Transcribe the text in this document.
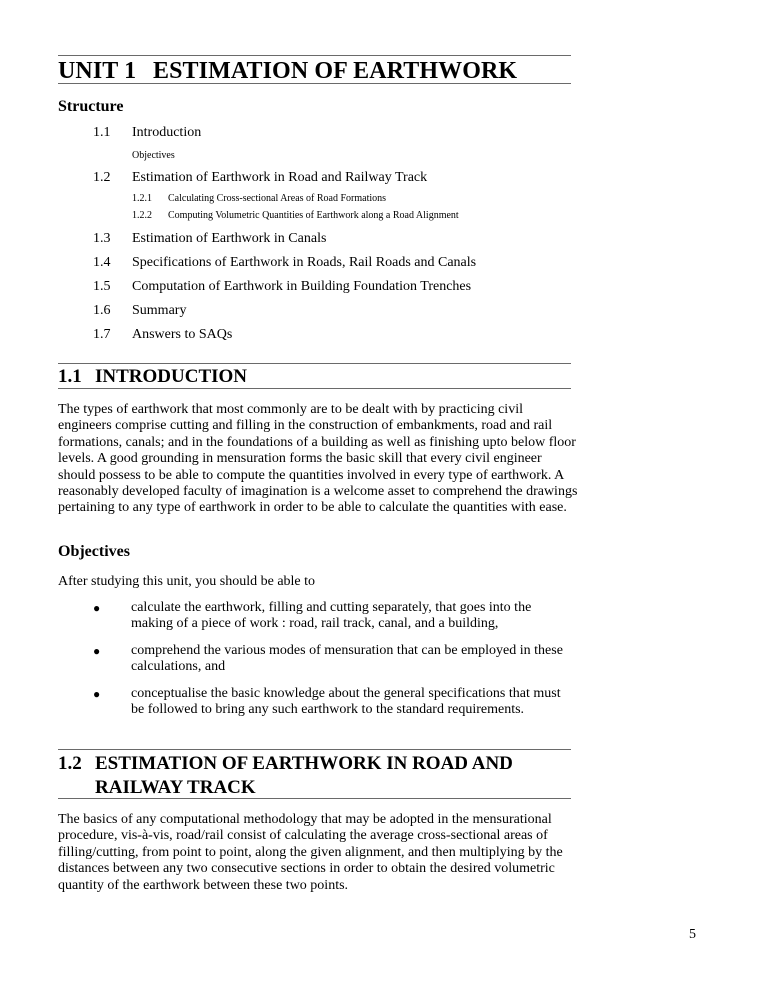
UNIT 1 ESTIMATION OF EARTHWORK
Structure
1.1 Introduction
Objectives
1.2 Estimation of Earthwork in Road and Railway Track
1.2.1 Calculating Cross-sectional Areas of Road Formations
1.2.2 Computing Volumetric Quantities of Earthwork along a Road Alignment
1.3 Estimation of Earthwork in Canals
1.4 Specifications of Earthwork in Roads, Rail Roads and Canals
1.5 Computation of Earthwork in Building Foundation Trenches
1.6 Summary
1.7 Answers to SAQs
1.1 INTRODUCTION

The types of earthwork that most commonly are to be dealt with by practicing civil engineers comprise cutting and filling in the construction of embankments, road and rail formations, canals; and in the foundations of a building as well as finishing upto below floor levels. A good grounding in mensuration forms the basic skill that every civil engineer should possess to be able to compute the quantities involved in every type of earthwork. A reasonably developed faculty of imagination is a welcome asset to comprehend the drawings pertaining to any type of earthwork in order to be able to calculate the quantities with ease.

Objectives
After studying this unit, you should be able to
● calculate the earthwork, filling and cutting separately, that goes into the making of a piece of work : road, rail track, canal, and a building,
● comprehend the various modes of mensuration that can be employed in these calculations, and
● conceptualise the basic knowledge about the general specifications that must be followed to bring any such earthwork to the standard requirements.
1.2 ESTIMATION OF EARTHWORK IN ROAD AND
RAILWAY TRACK

The basics of any computational methodology that may be adopted in the mensurational procedure, vis-à-vis, road/rail consist of calculating the average cross-sectional areas of filling/cutting, from point to point, along the given alignment, and then multiplying by the distances between any two consecutive sections in order to obtain the desired volumetric quantity of the earthwork between these two points.

5
